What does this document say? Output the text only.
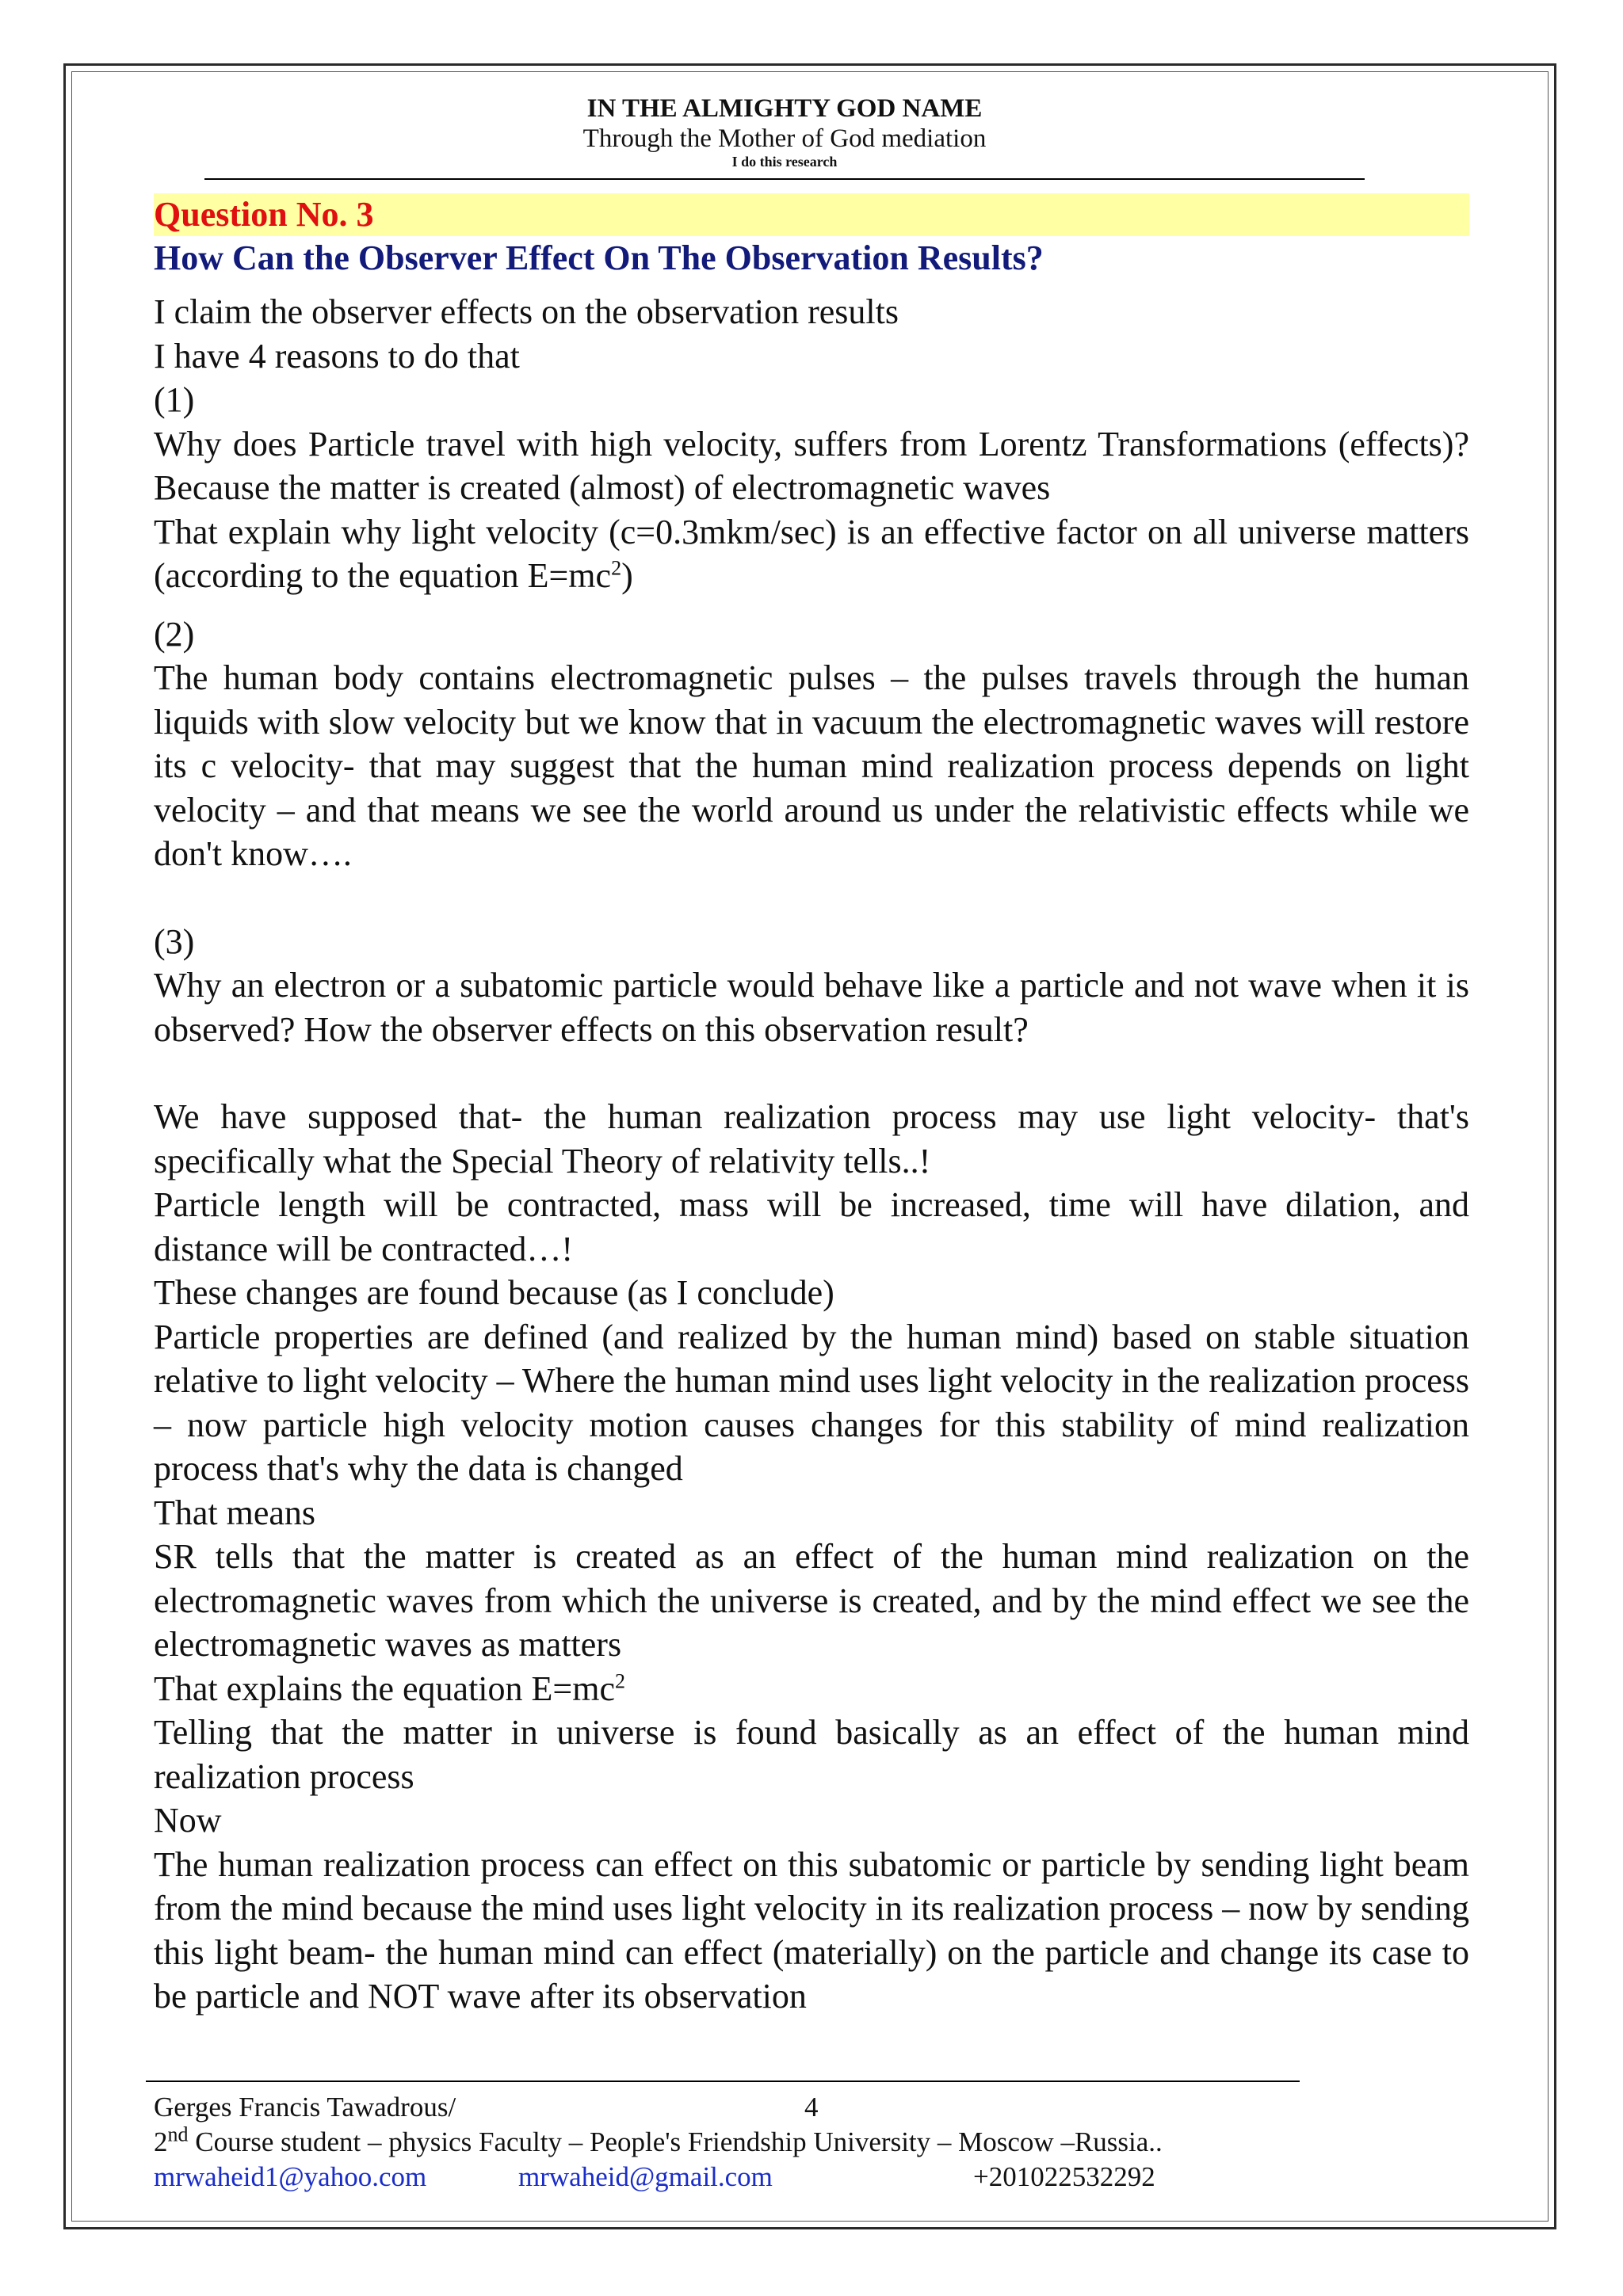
IN THE ALMIGHTY GOD NAME
Through the Mother of God mediation
I do this research
Question No. 3
How Can the Observer Effect On The Observation Results?

I claim the observer effects on the observation results

I have 4 reasons to do that

(1)

Why does Particle travel with high velocity, suffers from Lorentz Transformations (effects)? Because the matter is created (almost) of electromagnetic waves

That explain why light velocity (c=0.3mkm/sec) is an effective factor on all universe matters (according to the equation $E=mc^2$)

(2)

The human body contains electromagnetic pulses – the pulses travels through the human liquids with slow velocity but we know that in vacuum the electromagnetic waves will restore its c velocity- that may suggest that the human mind realization process depends on light velocity – and that means we see the world around us under the relativistic effects while we don't know….

(3)

Why an electron or a subatomic particle would behave like a particle and not wave when it is observed? How the observer effects on this observation result?

We have supposed that- the human realization process may use light velocity- that's specifically what the Special Theory of relativity tells..!

Particle length will be contracted, mass will be increased, time will have dilation, and distance will be contracted…!

These changes are found because (as I conclude)

Particle properties are defined (and realized by the human mind) based on stable situation relative to light velocity – Where the human mind uses light velocity in the realization process – now particle high velocity motion causes changes for this stability of mind realization process that's why the data is changed

That means

SR tells that the matter is created as an effect of the human mind realization on the electromagnetic waves from which the universe is created, and by the mind effect we see the electromagnetic waves as matters

That explains the equation $E=mc^2$

Telling that the matter in universe is found basically as an effect of the human mind realization process

Now

The human realization process can effect on this subatomic or particle by sending light beam from the mind because the mind uses light velocity in its realization process – now by sending this light beam- the human mind can effect (materially) on the particle and change its case to be particle and NOT wave after its observation

Gerges Francis Tawadrous/	4
2nd Course student – physics Faculty – People's Friendship University – Moscow –Russia..
mrwaheid1@yahoo.com	mrwaheid@gmail.com	+201022532292
